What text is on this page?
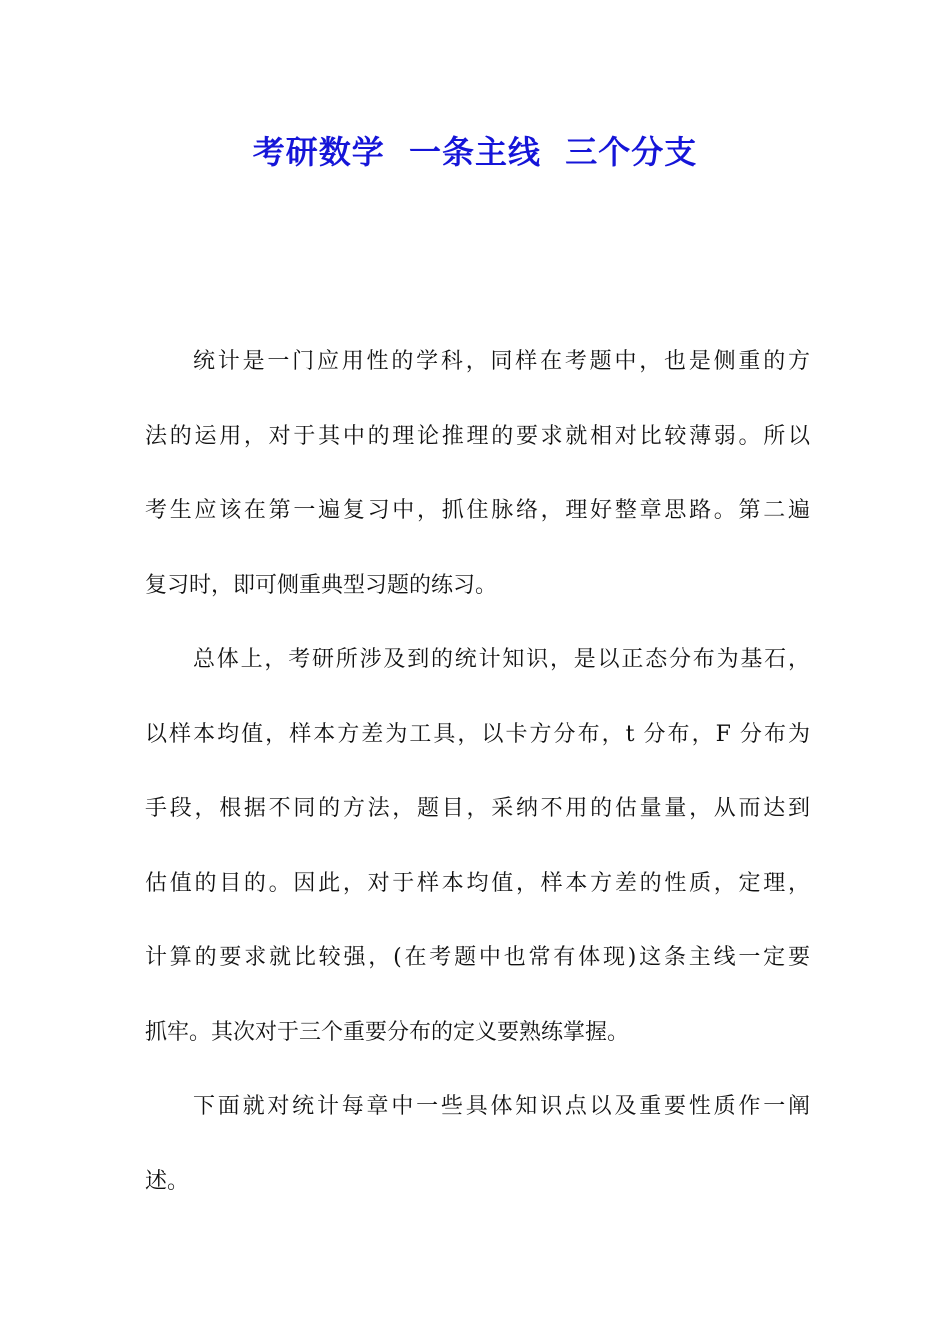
考研数学  一条主线  三个分支
统计是一门应用性的学科，同样在考题中，也是侧重的方
法的运用，对于其中的理论推理的要求就相对比较薄弱。所以
考生应该在第一遍复习中，抓住脉络，理好整章思路。第二遍
复习时，即可侧重典型习题的练习。
总体上，考研所涉及到的统计知识，是以正态分布为基石，
以样本均值，样本方差为工具，以卡方分布，t 分布，F 分布为
手段，根据不同的方法，题目，采纳不用的估量量，从而达到
估值的目的。因此，对于样本均值，样本方差的性质，定理，
计算的要求就比较强，(在考题中也常有体现)这条主线一定要
抓牢。其次对于三个重要分布的定义要熟练掌握。
下面就对统计每章中一些具体知识点以及重要性质作一阐
述。
